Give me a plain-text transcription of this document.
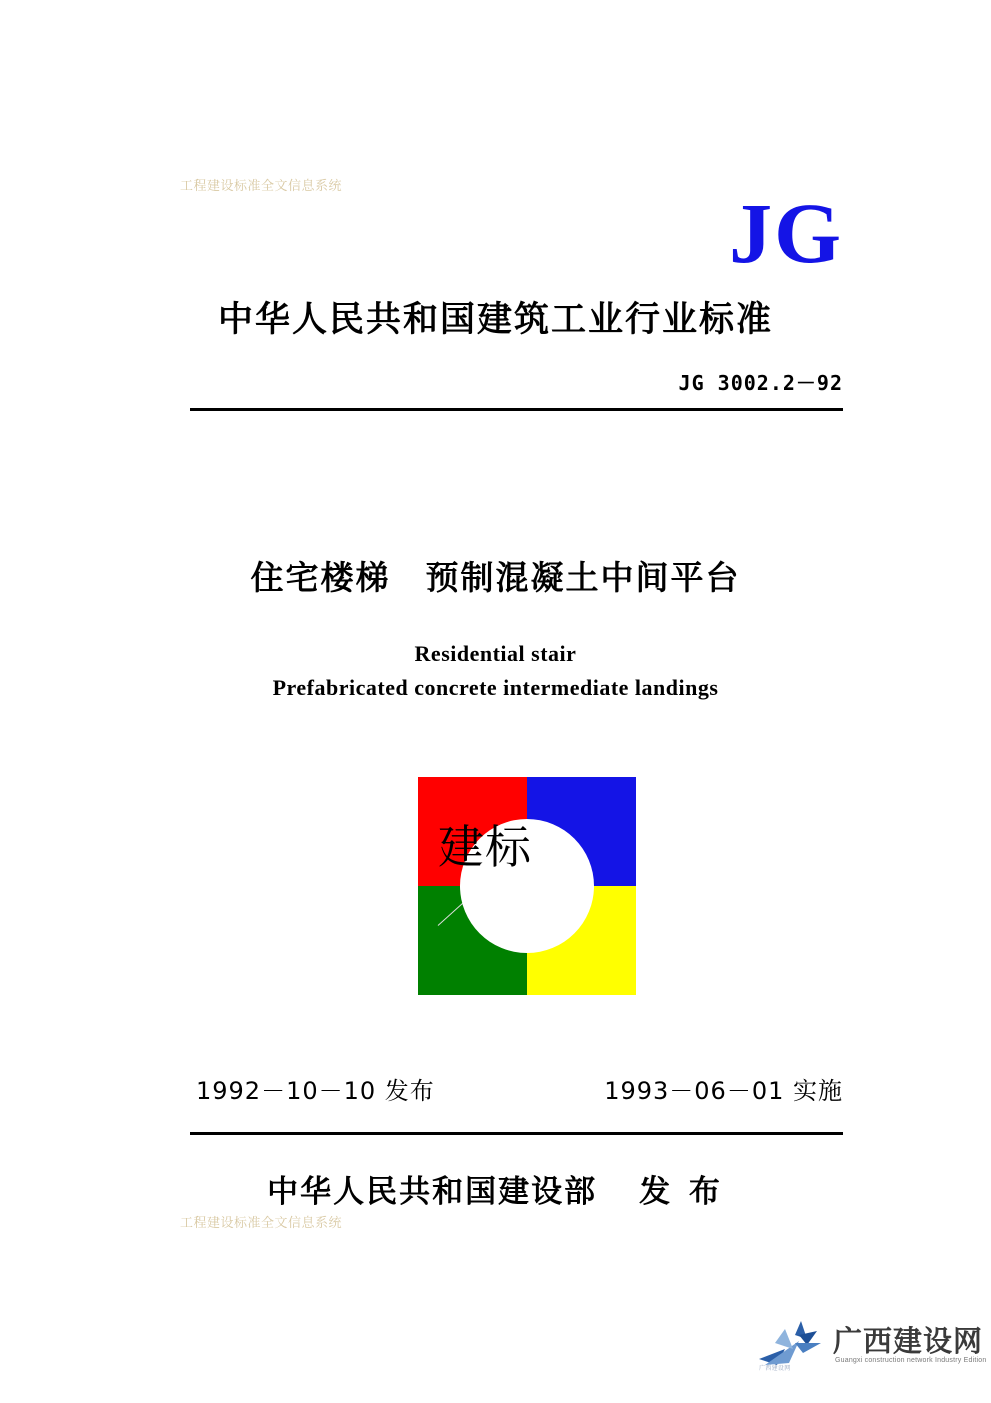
工程建设标准全文信息系统	JG
中华人民共和国建筑工业行业标准
JG 3002.2－92
住宅楼梯　预制混凝土中间平台
Residential stair
Prefabricated concrete intermediate landings
建标
1992－10－10 发布	1993－06－01 实施
中华人民共和国建设部 发 布
工程建设标准全文信息系统
广西建设网
广西建设网
Guangxi construction network Industry Edition
